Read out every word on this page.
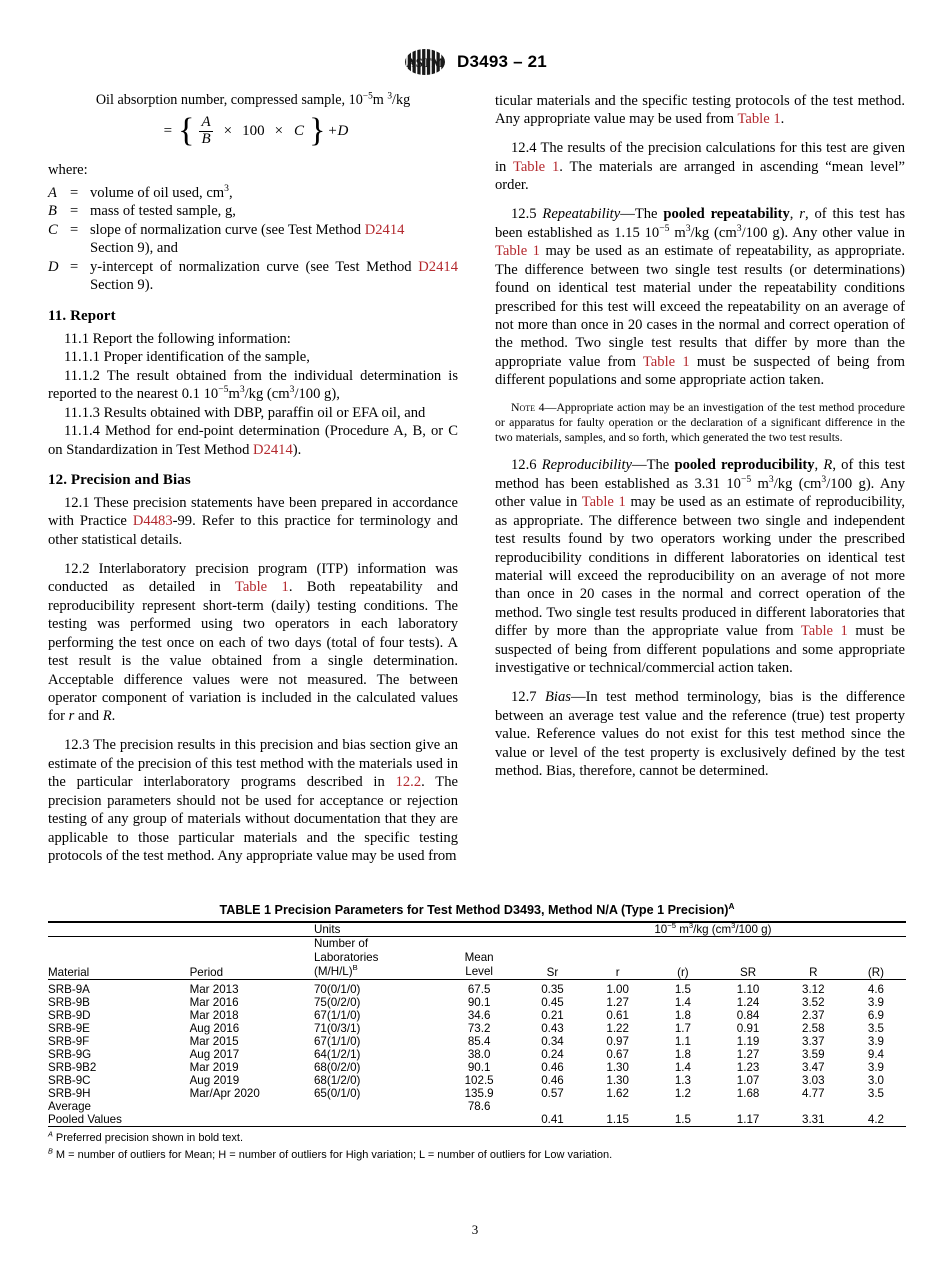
ASTM D3493 – 21
Oil absorption number, compressed sample, $10^{-5}m$ $^3$/kg
= { $\frac{A}{B} \times 100 \times C$ } +D
where:
A = volume of oil used, $cm^3$,
B = mass of tested sample, g,
C = slope of normalization curve (see Test Method D2414
Section 9), and
D = y-intercept of normalization curve (see Test Method D2414 Section 9).
11. Report

11.1 Report the following information:

11.1.1 Proper identification of the sample,

11.1.2 The result obtained from the individual determination is reported to the nearest 0.1 $10^{-5}m^3/kg$ ($cm^3/100$ g),

11.1.3 Results obtained with DBP, paraffin oil or EFA oil, and

11.1.4 Method for end-point determination (Procedure A, B, or C on Standardization in Test Method D2414).

12. Precision and Bias

12.1 These precision statements have been prepared in accordance with Practice D4483-99. Refer to this practice for terminology and other statistical details.

12.2 Interlaboratory precision program (ITP) information was conducted as detailed in Table 1. Both repeatability and reproducibility represent short-term (daily) testing conditions. The testing was performed using two operators in each laboratory performing the test once on each of two days (total of four tests). A test result is the value obtained from a single determination. Acceptable difference values were not measured. The between operator component of variation is included in the calculated values for r and R.

12.3 The precision results in this precision and bias section give an estimate of the precision of this test method with the materials used in the particular interlaboratory programs described in 12.2. The precision parameters should not be used for acceptance or rejection testing of any group of materials without documentation that they are applicable to those particular materials and the specific testing protocols of the test method. Any appropriate value may be used from

ticular materials and the specific testing protocols of the test method. Any appropriate value may be used from Table 1.

12.4 The results of the precision calculations for this test are given in Table 1. The materials are arranged in ascending “mean level” order.

12.5 Repeatability—The pooled repeatability, r, of this test has been established as 1.15 $10^{-5}$ $m^3/kg$ ($cm^3/100$ g). Any other value in Table 1 may be used as an estimate of repeatability, as appropriate. The difference between two single test results (or determinations) found on identical test material under the repeatability conditions prescribed for this test will exceed the repeatability on an average of not more than once in 20 cases in the normal and correct operation of the method. Two single test results that differ by more than the appropriate value from Table 1 must be suspected of being from different populations and some appropriate action taken.

Note 4—Appropriate action may be an investigation of the test method procedure or apparatus for faulty operation or the declaration of a significant difference in the two materials, samples, and so forth, which generated the two test results.

12.6 Reproducibility—The pooled reproducibility, R, of this test method has been established as 3.31 $10^{-5}$ $m^3/kg$ ($cm^3/100$ g). Any other value in Table 1 may be used as an estimate of reproducibility, as appropriate. The difference between two single and independent test results found by two operators working under the prescribed reproducibility conditions in different laboratories on identical test material will exceed the reproducibility on an average of not more than once in 20 cases in the normal and correct operation of the method. Two single test results produced in different laboratories that differ by more than the appropriate value from Table 1 must be suspected of being from different populations and some appropriate investigative or technical/commercial action taken.

12.7 Bias—In test method terminology, bias is the difference between an average test value and the reference (true) test property value. Reference values do not exist for this test method since the value or level of the test property is exclusively defined by the test method. Bias, therefore, cannot be determined.

TABLE 1 Precision Parameters for Test Method D3493, Method N/A (Type 1 Precision)$^A$
		Units		$10^{-5}$ $m^3/kg$ ($cm^3/100$ g)					

Material	Period	Number of
Laboratories
$(M/H/L)^B$	Mean
Level	Sr	r	(r)	SR	R	(R)

SRB-9A	Mar 2013	70(0/1/0)	67.5	0.35	1.00	1.5	1.10	3.12	4.6
SRB-9B	Mar 2016	75(0/2/0)	90.1	0.45	1.27	1.4	1.24	3.52	3.9
SRB-9D	Mar 2018	67(1/1/0)	34.6	0.21	0.61	1.8	0.84	2.37	6.9
SRB-9E	Aug 2016	71(0/3/1)	73.2	0.43	1.22	1.7	0.91	2.58	3.5
SRB-9F	Mar 2015	67(1/1/0)	85.4	0.34	0.97	1.1	1.19	3.37	3.9
SRB-9G	Aug 2017	64(1/2/1)	38.0	0.24	0.67	1.8	1.27	3.59	9.4
SRB-9B2	Mar 2019	68(0/2/0)	90.1	0.46	1.30	1.4	1.23	3.47	3.9
SRB-9C	Aug 2019	68(1/2/0)	102.5	0.46	1.30	1.3	1.07	3.03	3.0
SRB-9H	Mar/Apr 2020	65(0/1/0)	135.9	0.57	1.62	1.2	1.68	4.77	3.5
Average			78.6						
Pooled Values				0.41	1.15	1.5	1.17	3.31	4.2

$^A$ Preferred precision shown in bold text.
$^B$ M = number of outliers for Mean; H = number of outliers for High variation; L = number of outliers for Low variation.
3
